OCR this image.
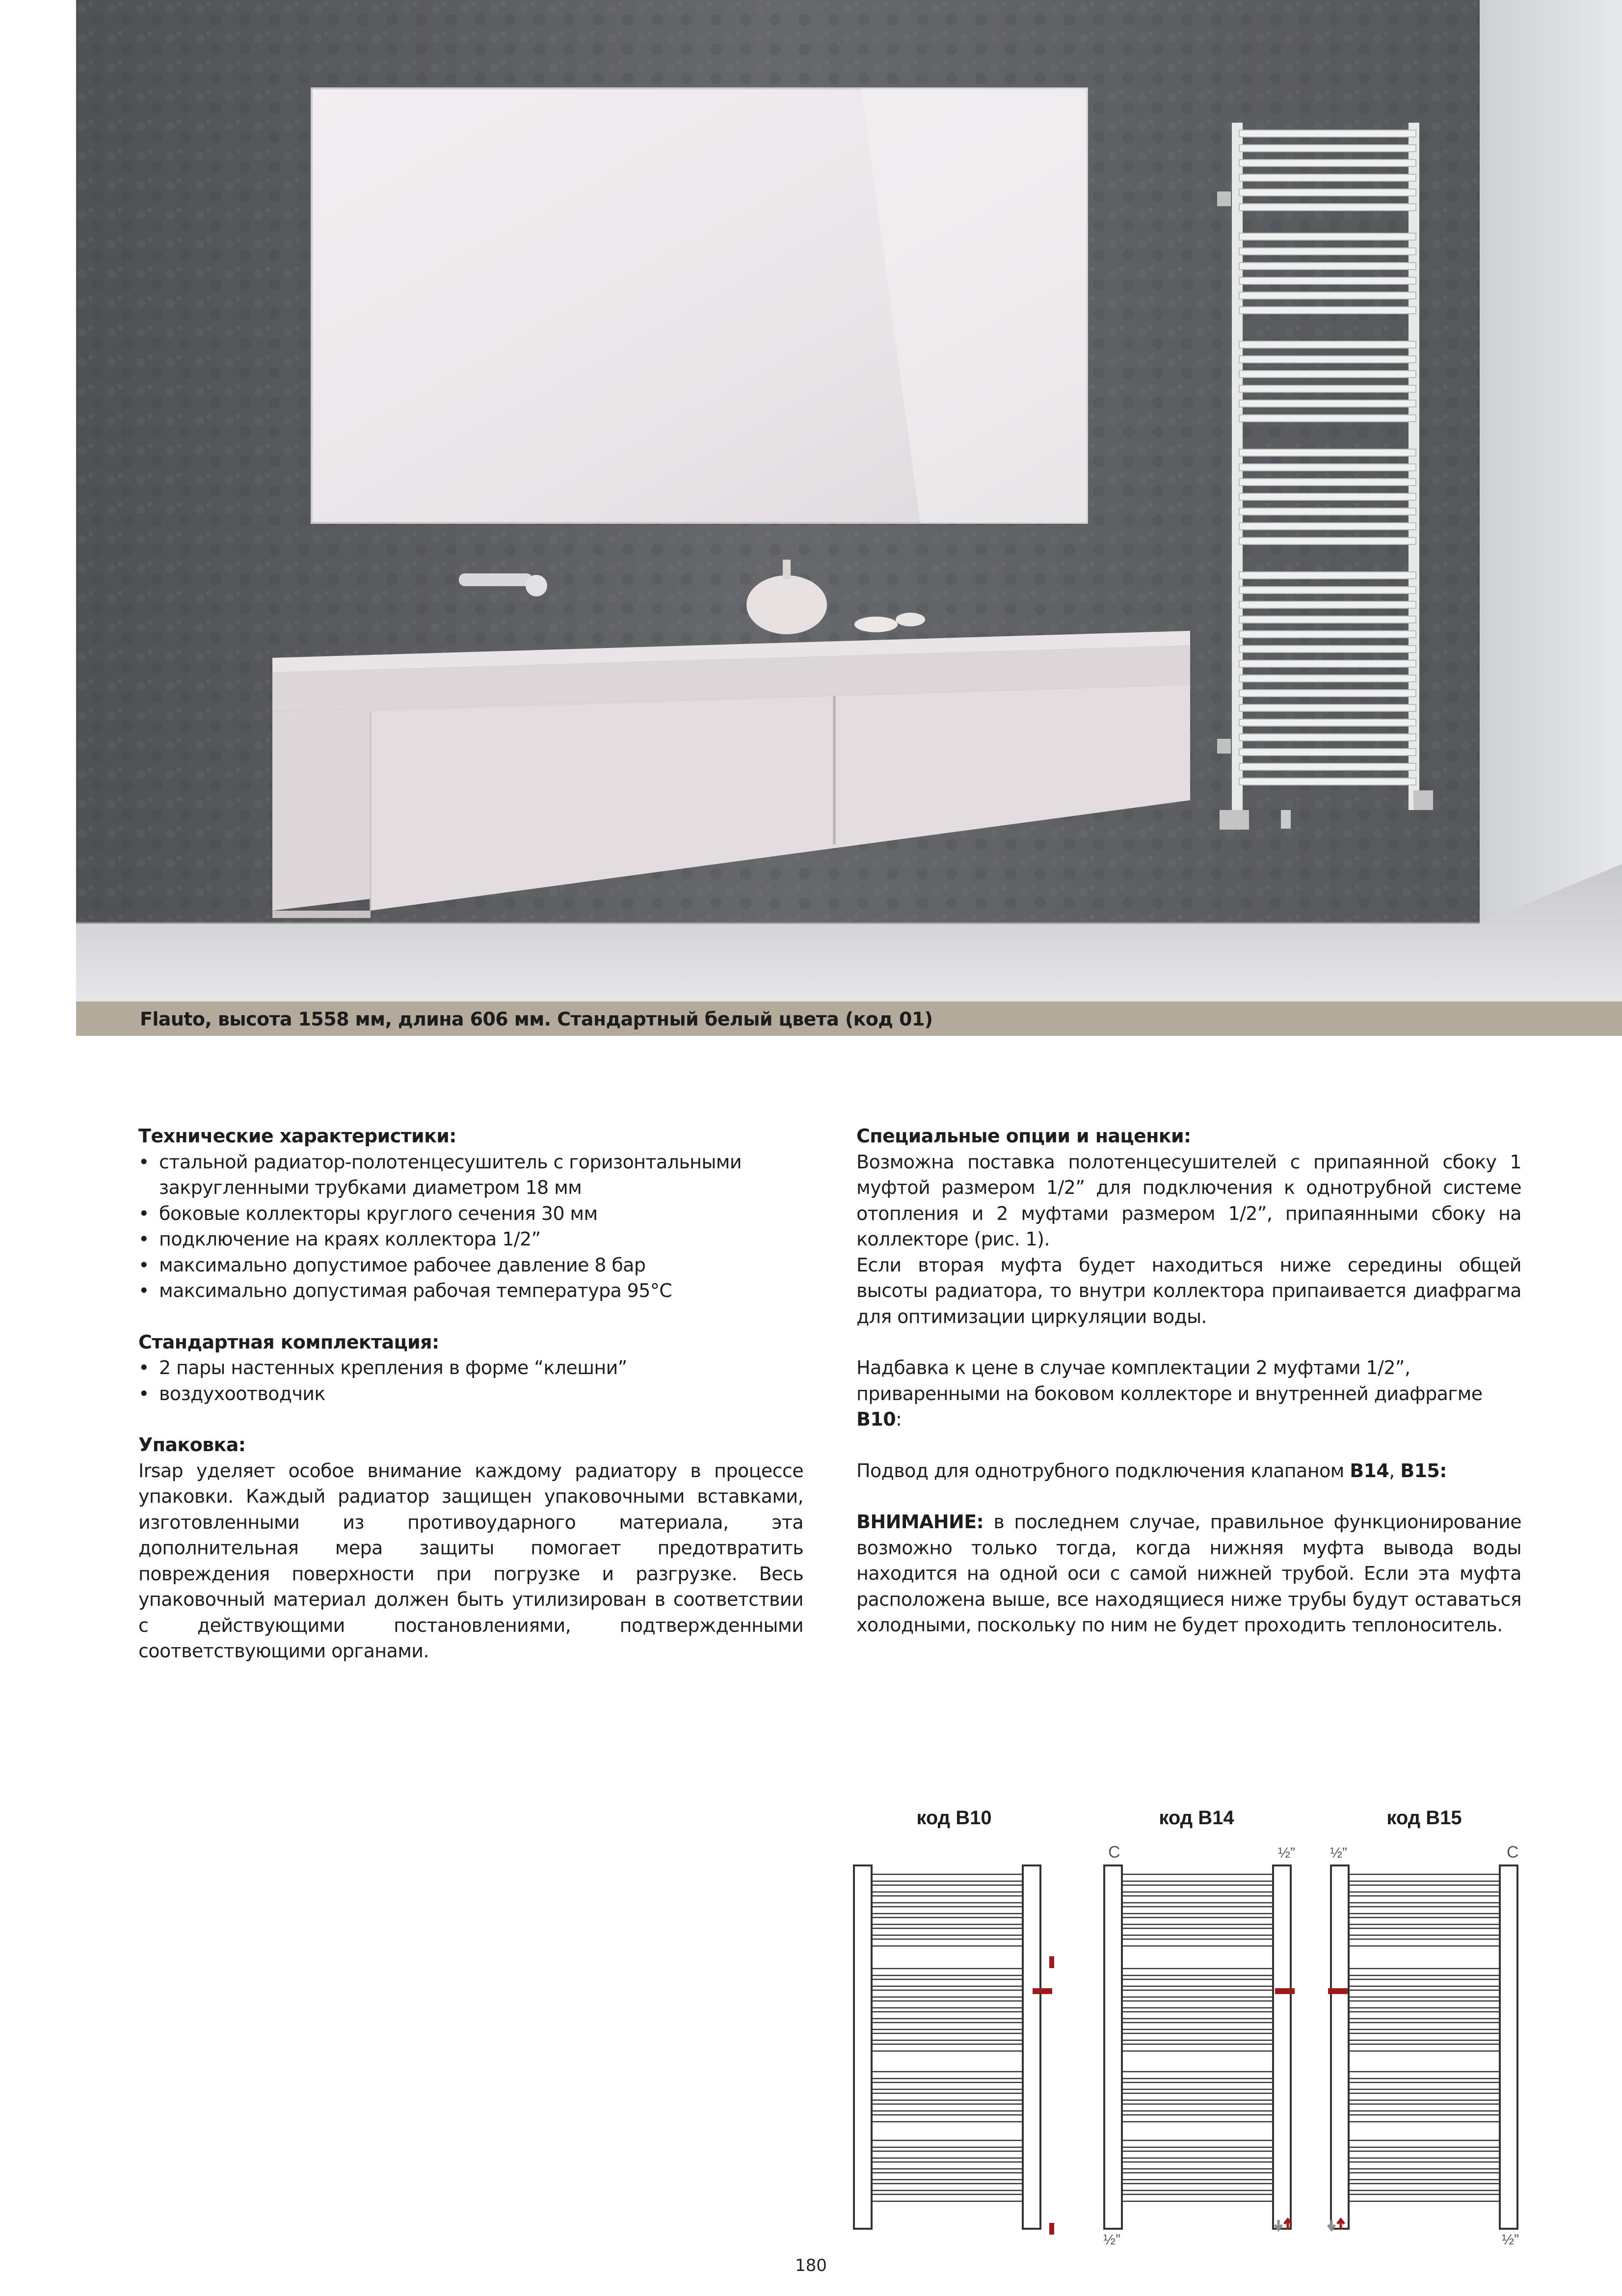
Flauto, высота 1558 мм, длина 606 мм. Стандартный белый цвета (код 01)
Технические характеристики:
• стальной радиатор-полотенцесушитель с горизонтальными закругленными трубками диаметром 18 мм
• боковые коллекторы круглого сечения 30 мм
• подключение на краях коллектора 1/2”
• максимально допустимое рабочее давление 8 бар
• максимально допустимая рабочая температура 95°С
Стандартная комплектация:
• 2 пары настенных крепления в форме “клешни”
• воздухоотводчик
Упаковка:
Irsap уделяет особое внимание каждому радиатору в процессе упаковки. Каждый радиатор защищен упаковочными вставками, изготовленными из противоударного материала, эта дополнительная мера защиты помогает предотвратить повреждения поверхности при погрузке и разгрузке. Весь упаковочный материал должен быть утилизирован в соответствии с действующими постановлениями, подтвержденными соответствующими органами.
Специальные опции и наценки:
Возможна поставка полотенцесушителей с припаянной сбоку 1 муфтой размером 1/2” для подключения к однотрубной системе отопления и 2 муфтами размером 1/2”, припаянными сбоку на коллекторе (рис. 1).
Если вторая муфта будет находиться ниже середины общей высоты радиатора, то внутри коллектора припаивается диафрагма для оптимизации циркуляции воды.
Надбавка к цене в случае комплектации 2 муфтами 1/2”, приваренными на боковом коллекторе и внутренней диафрагме B10:
Подвод для однотрубного подключения клапаном B14, B15:
ВНИМАНИЕ: в последнем случае, правильное функционирование возможно только тогда, когда нижняя муфта вывода воды находится на одной оси с самой нижней трубой. Если эта муфта расположена выше, все находящиеся ниже трубы будут оставаться холодными, поскольку по ним не будет проходить теплоноситель.
код B10	код B14	код B15
C	½”
½”
½”	C
½”
180
